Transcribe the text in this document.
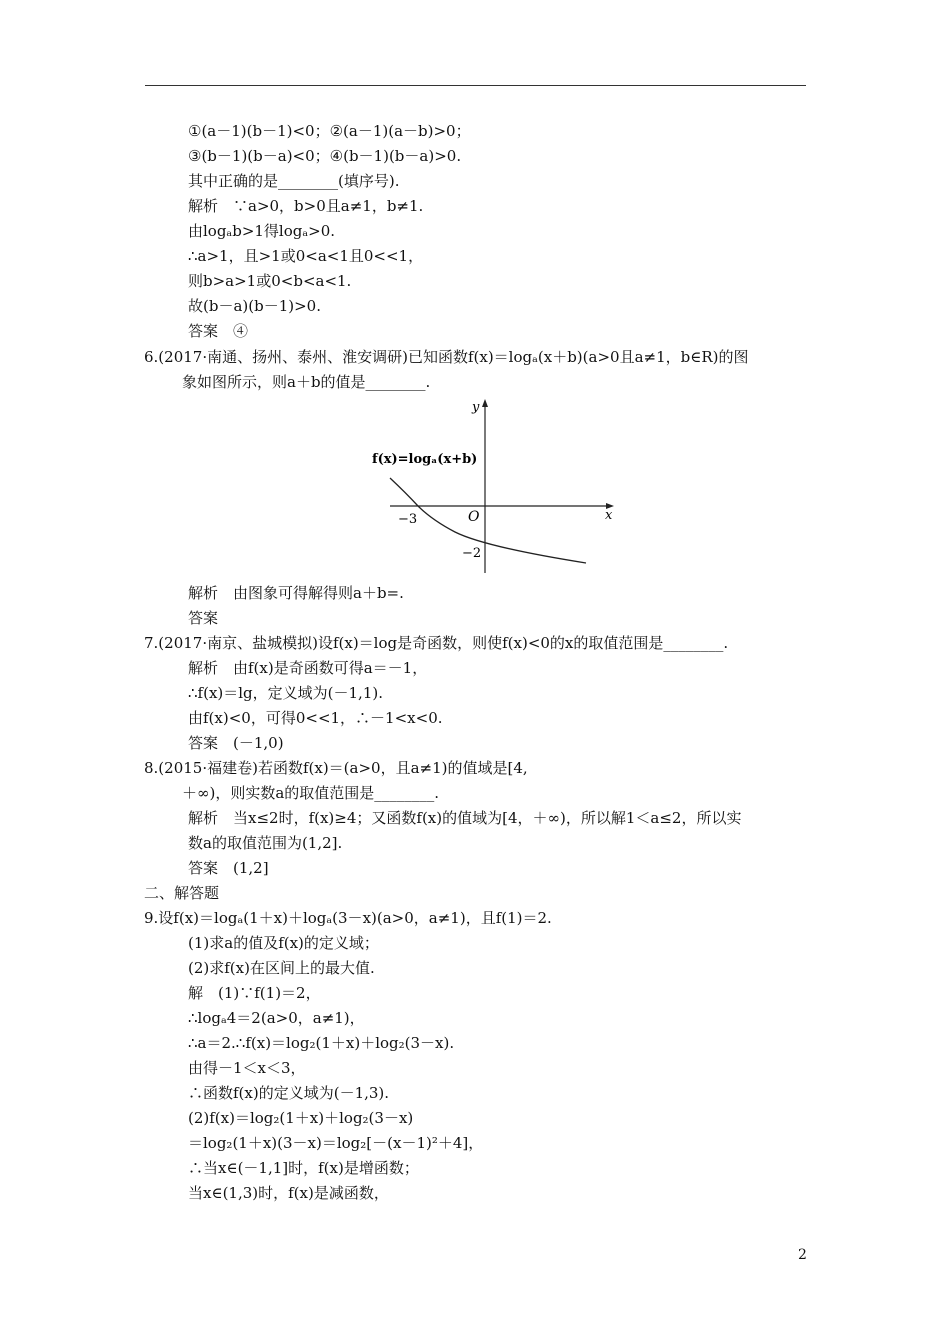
①(a－1)(b－1)<0；②(a－1)(a－b)>0；
③(b－1)(b－a)<0；④(b－1)(b－a)>0.
其中正确的是________(填序号).
解析　∵a>0，b>0且a≠1，b≠1.
由logₐb>1得logₐ>0.
∴a>1，且>1或0<a<1且0<<1，
则b>a>1或0<b<a<1.
故(b－a)(b－1)>0.
答案　④
6.(2017·南通、扬州、泰州、淮安调研)已知函数f(x)＝logₐ(x＋b)(a>0且a≠1，b∈R)的图
象如图所示，则a＋b的值是________.
y
x
O
−3
−2
f(x)=logₐ(x+b)
解析　由图象可得解得则a＋b=.
答案
7.(2017·南京、盐城模拟)设f(x)＝log是奇函数，则使f(x)<0的x的取值范围是________.
解析　由f(x)是奇函数可得a＝－1，
∴f(x)＝lg，定义域为(－1,1).
由f(x)<0，可得0<<1，∴－1<x<0.
答案　(－1,0)
8.(2015·福建卷)若函数f(x)＝(a>0，且a≠1)的值域是[4,
＋∞)，则实数a的取值范围是________.
解析　当x≤2时，f(x)≥4；又函数f(x)的值域为[4，＋∞)，所以解1＜a≤2，所以实
数a的取值范围为(1,2].
答案　(1,2]
二、解答题
9.设f(x)＝logₐ(1＋x)＋logₐ(3－x)(a>0，a≠1)，且f(1)＝2.
(1)求a的值及f(x)的定义域；
(2)求f(x)在区间上的最大值.
解　(1)∵f(1)＝2，
∴logₐ4＝2(a>0，a≠1)，
∴a＝2.∴f(x)＝log₂(1＋x)＋log₂(3－x).
由得－1＜x＜3，
∴函数f(x)的定义域为(－1,3).
(2)f(x)＝log₂(1＋x)＋log₂(3－x)
＝log₂(1＋x)(3－x)＝log₂[－(x－1)²＋4]，
∴当x∈(－1,1]时，f(x)是增函数；
当x∈(1,3)时，f(x)是减函数，
2
